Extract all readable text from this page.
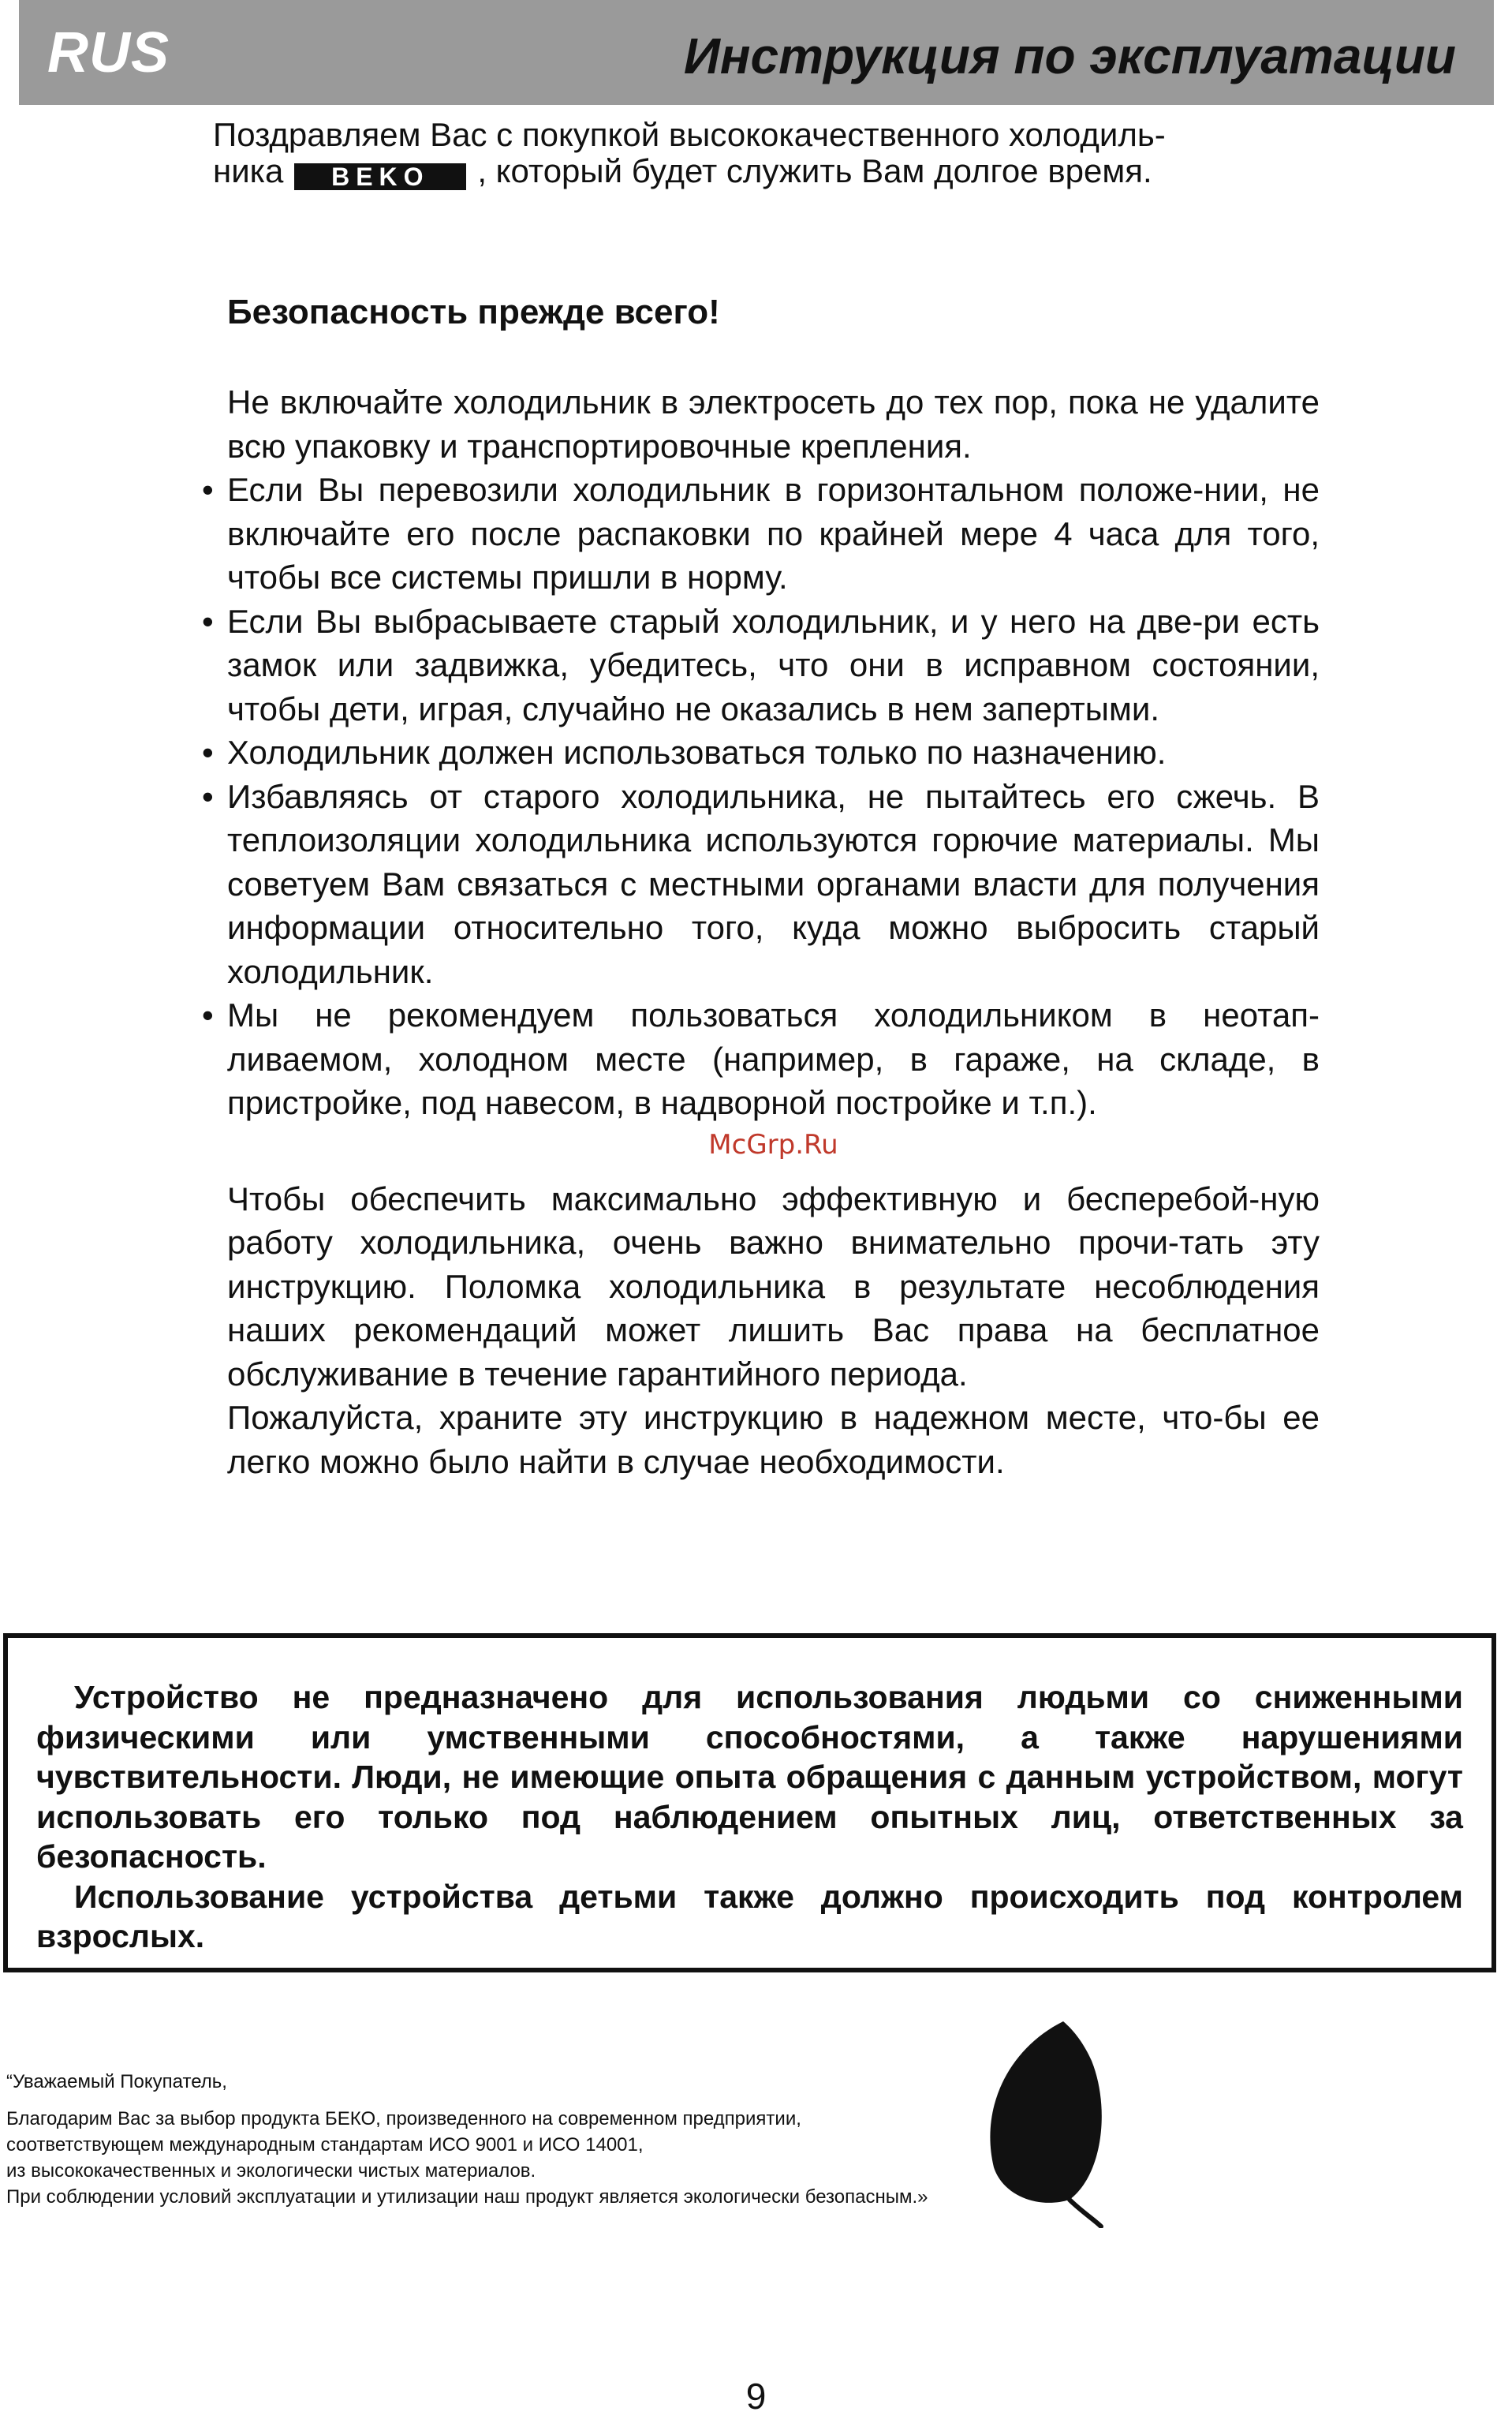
RUS	Инструкция по эксплуатации
Поздравляем Вас с покупкой высококачественного холодиль-
ника BEKO , который будет служить Вам долгое время.
Безопасность прежде всего!

Не включайте холодильник в электросеть до тех пор, пока не удалите всю упаковку и транспортировочные крепления.

• Если Вы перевозили холодильник в горизонтальном положе-нии, не включайте его после распаковки по крайней мере 4 часа для того, чтобы все системы пришли в норму.
• Если Вы выбрасываете старый холодильник, и у него на две-ри есть замок или задвижка, убедитесь, что они в исправном состоянии, чтобы дети, играя, случайно не оказались в нем запертыми.
• Холодильник должен использоваться только по назначению.
• Избавляясь от старого холодильника, не пытайтесь его сжечь. В теплоизоляции холодильника используются горючие материалы. Мы советуем Вам связаться с местными органами власти для получения информации относительно того, куда можно выбросить старый холодильник.
• Мы не рекомендуем пользоваться холодильником в неотап-ливаемом, холодном месте (например, в гараже, на складе, в пристройке, под навесом, в надворной постройке и т.п.).
McGrp.Ru

Чтобы обеспечить максимально эффективную и бесперебой-ную работу холодильника, очень важно внимательно прочи-тать эту инструкцию. Поломка холодильника в результате несоблюдения наших рекомендаций может лишить Вас права на бесплатное обслуживание в течение гарантийного периода.

Пожалуйста, храните эту инструкцию в надежном месте, что-бы ее легко можно было найти в случае необходимости.

Устройство не предназначено для использования людьми со сниженными физическими или умственными способностями, а также нарушениями чувствительности. Люди, не имеющие опыта обращения с данным устройством, могут использовать его только под наблюдением опытных лиц, ответственных за безопасность.

Использование устройства детьми также должно происходить под контролем взрослых.

“Уважаемый Покупатель,
Благодарим Вас за выбор продукта БЕКО, произведенного на современном предприятии,
соответствующем международным стандартам ИСО 9001 и ИСО 14001,
из высококачественных и экологически чистых материалов.
При соблюдении условий эксплуатации и утилизации наш продукт является экологически безопасным.»
9
